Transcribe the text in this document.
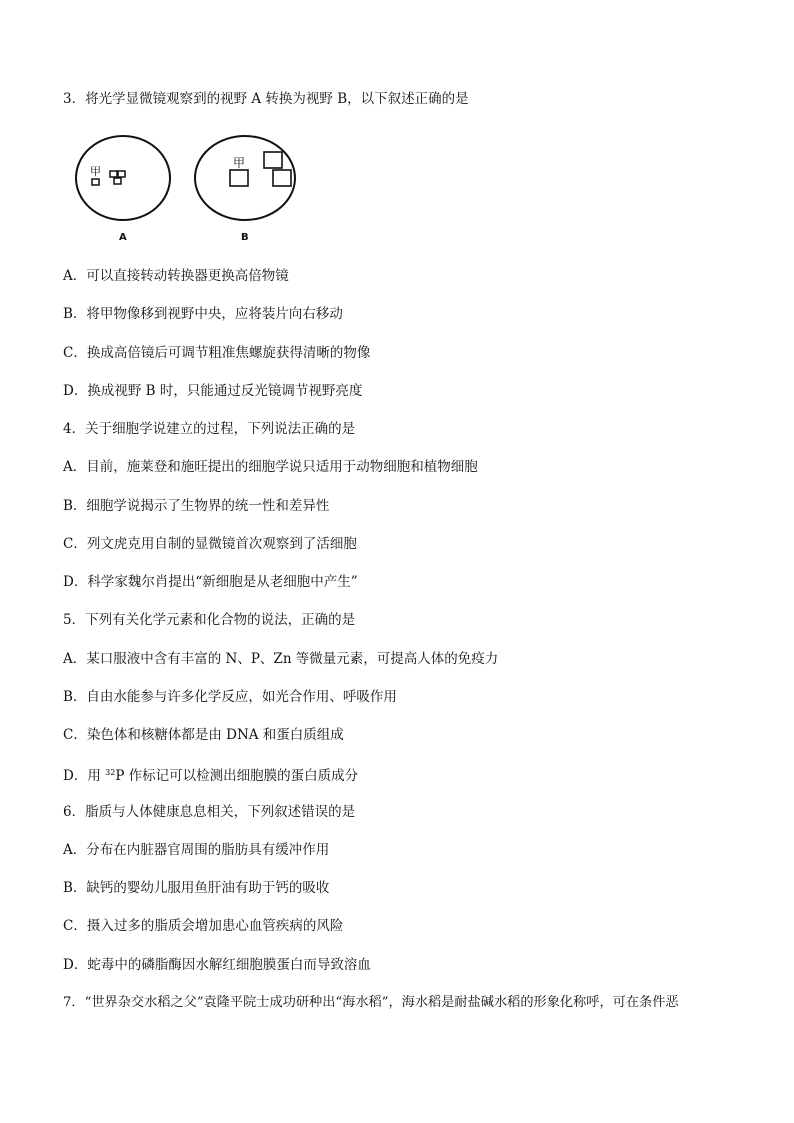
3．将光学显微镜观察到的视野 A 转换为视野 B，以下叙述正确的是
甲
A
甲
B
A．可以直接转动转换器更换高倍物镜
B．将甲物像移到视野中央，应将装片向右移动
C．换成高倍镜后可调节粗准焦螺旋获得清晰的物像
D．换成视野 B 时，只能通过反光镜调节视野亮度
4．关于细胞学说建立的过程，下列说法正确的是
A．目前，施莱登和施旺提出的细胞学说只适用于动物细胞和植物细胞
B．细胞学说揭示了生物界的统一性和差异性
C．列文虎克用自制的显微镜首次观察到了活细胞
D．科学家魏尔肖提出“新细胞是从老细胞中产生”
5．下列有关化学元素和化合物的说法，正确的是
A．某口服液中含有丰富的 N、P、Zn 等微量元素，可提高人体的免疫力
B．自由水能参与许多化学反应，如光合作用、呼吸作用
C．染色体和核糖体都是由 DNA 和蛋白质组成
D．用 $^{32}$P 作标记可以检测出细胞膜的蛋白质成分
6．脂质与人体健康息息相关，下列叙述错误的是
A．分布在内脏器官周围的脂肪具有缓冲作用
B．缺钙的婴幼儿服用鱼肝油有助于钙的吸收
C．摄入过多的脂质会增加患心血管疾病的风险
D．蛇毒中的磷脂酶因水解红细胞膜蛋白而导致溶血
7．“世界杂交水稻之父”袁隆平院士成功研种出“海水稻”，海水稻是耐盐碱水稻的形象化称呼，可在条件恶
